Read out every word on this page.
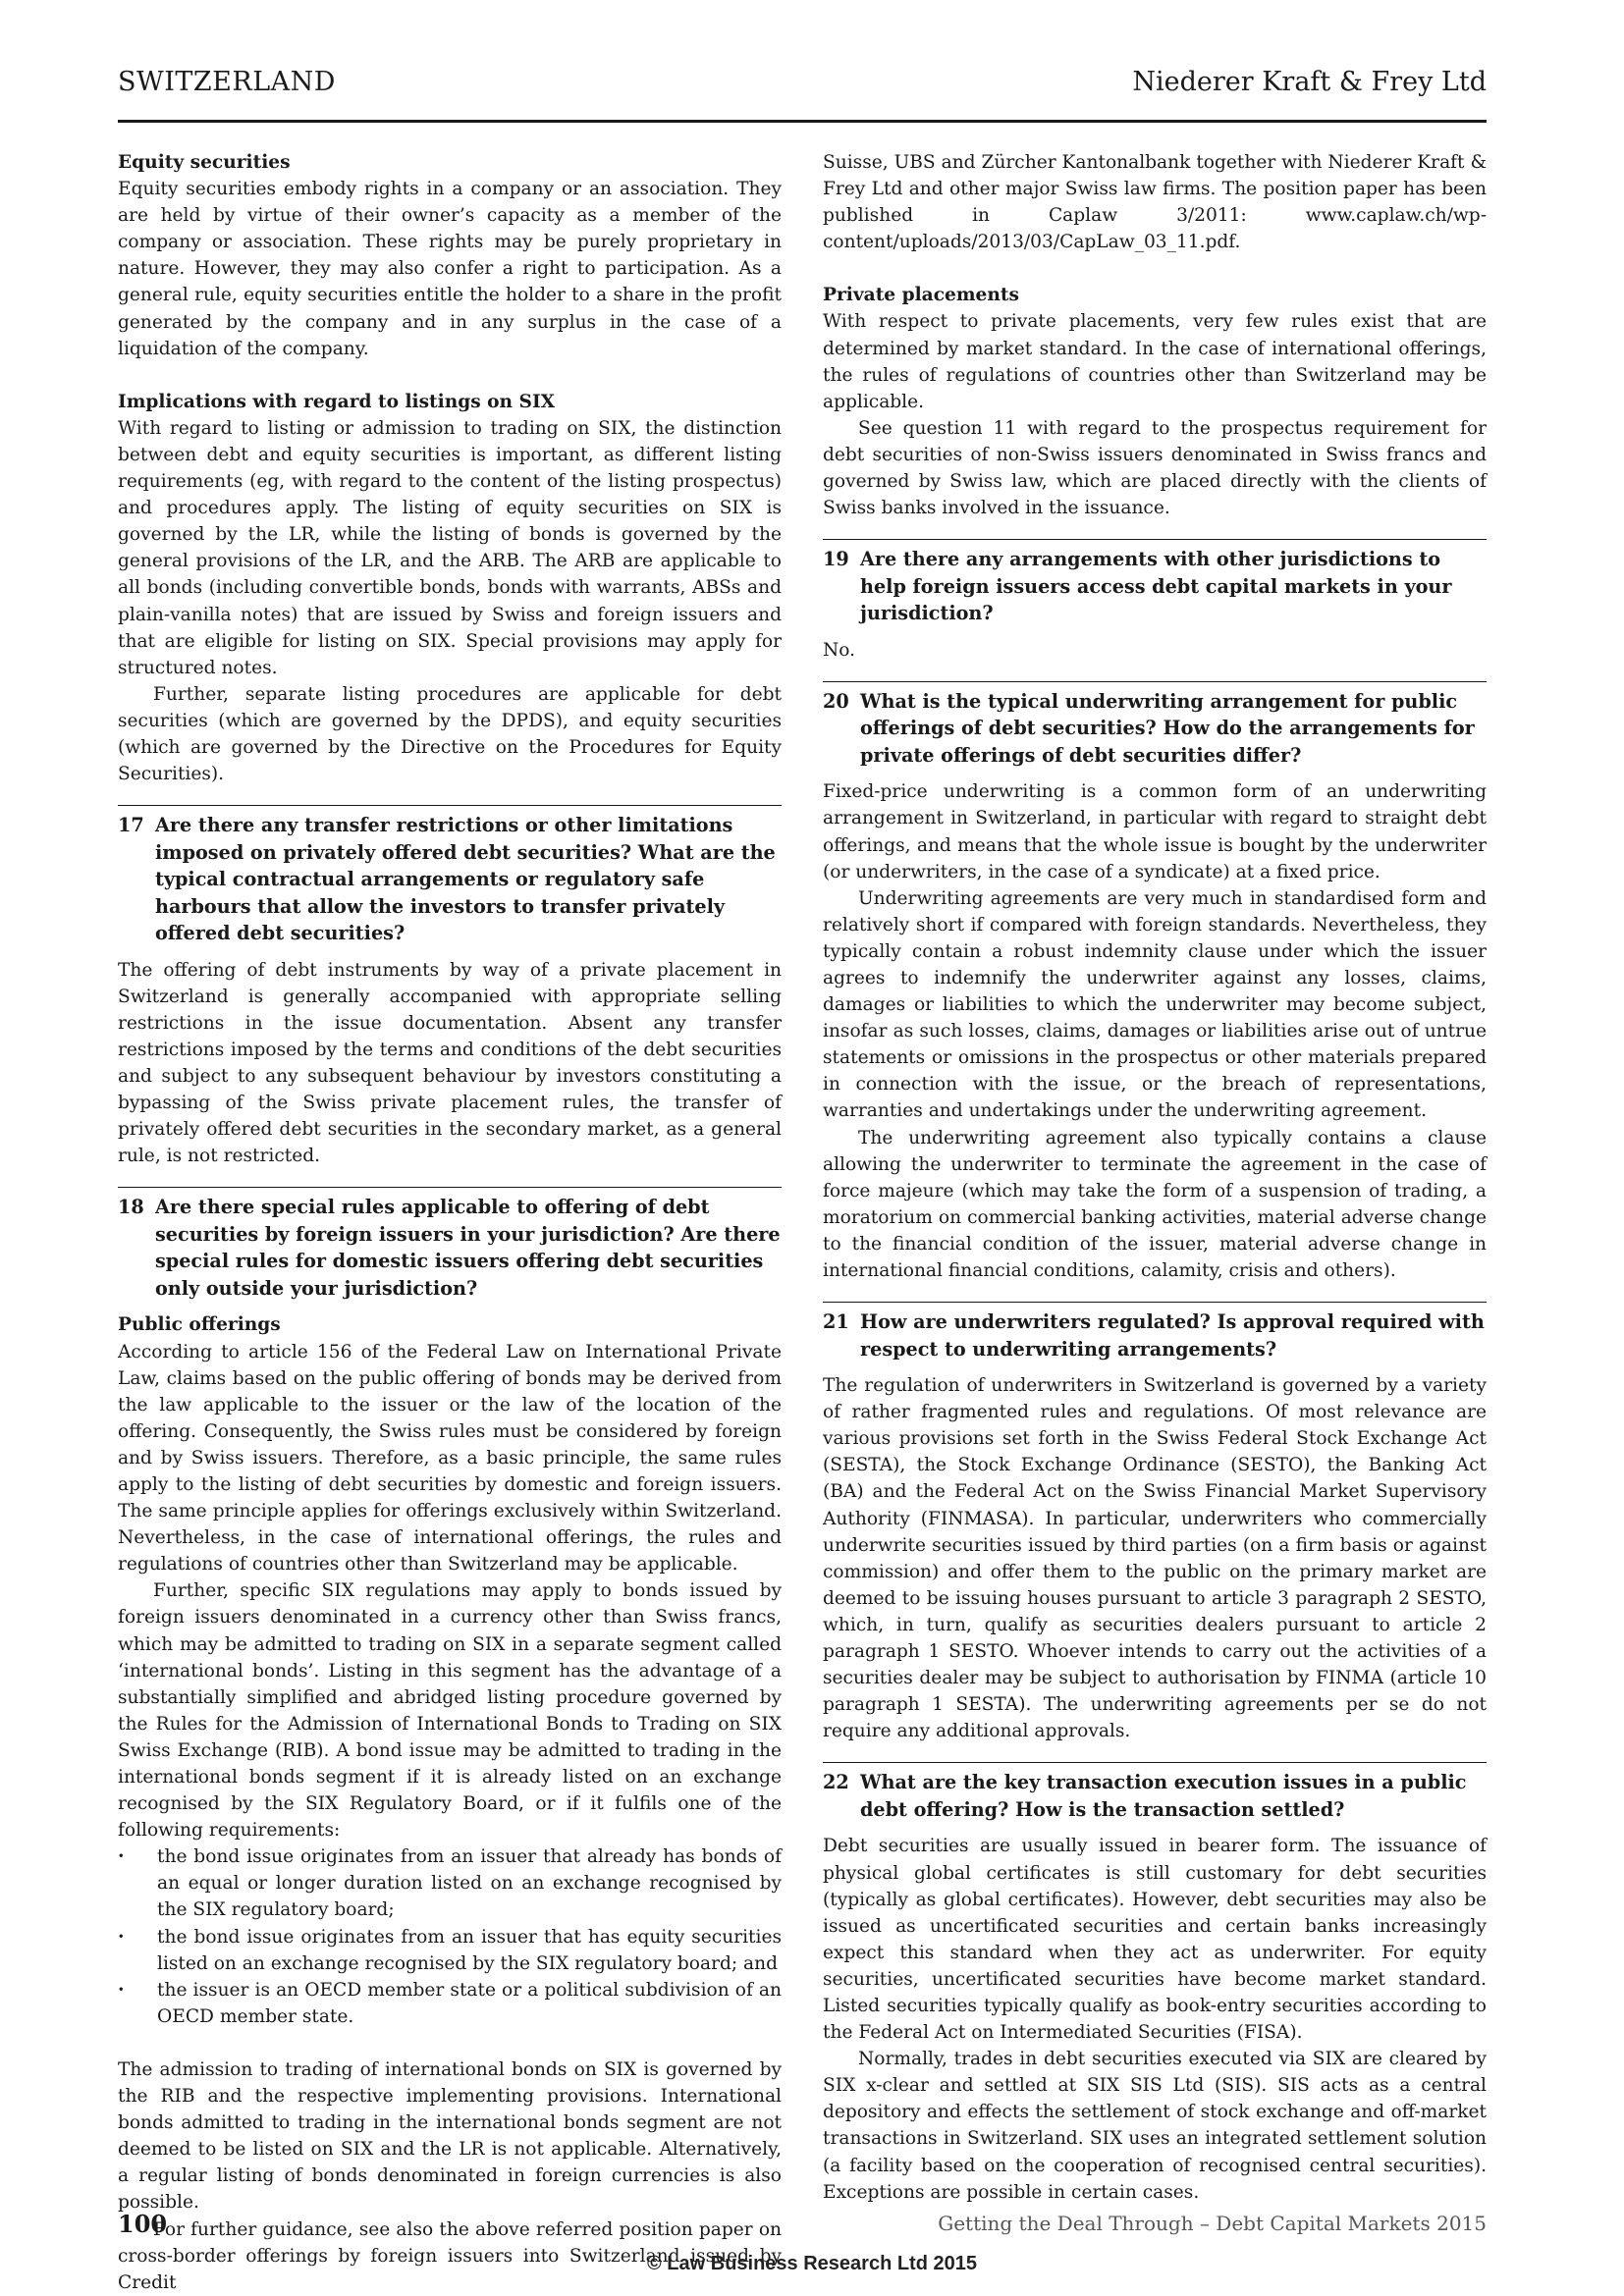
SWITZERLAND	Niederer Kraft & Frey Ltd
Equity securities

Equity securities embody rights in a company or an association. They are held by virtue of their owner’s capacity as a member of the company or association. These rights may be purely proprietary in nature. However, they may also confer a right to participation. As a general rule, equity securities entitle the holder to a share in the profit generated by the company and in any surplus in the case of a liquidation of the company.

Implications with regard to listings on SIX

With regard to listing or admission to trading on SIX, the distinction between debt and equity securities is important, as different listing requirements (eg, with regard to the content of the listing prospectus) and procedures apply. The listing of equity securities on SIX is governed by the LR, while the listing of bonds is governed by the general provisions of the LR, and the ARB. The ARB are applicable to all bonds (including convertible bonds, bonds with warrants, ABSs and plain-vanilla notes) that are issued by Swiss and foreign issuers and that are eligible for listing on SIX. Special provisions may apply for structured notes.

Further, separate listing procedures are applicable for debt securities (which are governed by the DPDS), and equity securities (which are governed by the Directive on the Procedures for Equity Securities).

17 Are there any transfer restrictions or other limitations imposed on privately offered debt securities? What are the typical contractual arrangements or regulatory safe harbours that allow the investors to transfer privately offered debt securities?

The offering of debt instruments by way of a private placement in Switzerland is generally accompanied with appropriate selling restrictions in the issue documentation. Absent any transfer restrictions imposed by the terms and conditions of the debt securities and subject to any subsequent behaviour by investors constituting a bypassing of the Swiss private placement rules, the transfer of privately offered debt securities in the secondary market, as a general rule, is not restricted.

18 Are there special rules applicable to offering of debt securities by foreign issuers in your jurisdiction? Are there special rules for domestic issuers offering debt securities only outside your jurisdiction?
Public offerings

According to article 156 of the Federal Law on International Private Law, claims based on the public offering of bonds may be derived from the law applicable to the issuer or the law of the location of the offering. Consequently, the Swiss rules must be considered by foreign and by Swiss issuers. Therefore, as a basic principle, the same rules apply to the listing of debt securities by domestic and foreign issuers. The same principle applies for offerings exclusively within Switzerland. Nevertheless, in the case of international offerings, the rules and regulations of countries other than Switzerland may be applicable.

Further, specific SIX regulations may apply to bonds issued by foreign issuers denominated in a currency other than Swiss francs, which may be admitted to trading on SIX in a separate segment called ‘international bonds’. Listing in this segment has the advantage of a substantially simplified and abridged listing procedure governed by the Rules for the Admission of International Bonds to Trading on SIX Swiss Exchange (RIB). A bond issue may be admitted to trading in the international bonds segment if it is already listed on an exchange recognised by the SIX Regulatory Board, or if it fulfils one of the following requirements:

· the bond issue originates from an issuer that already has bonds of an equal or longer duration listed on an exchange recognised by the SIX regulatory board;
· the bond issue originates from an issuer that has equity securities listed on an exchange recognised by the SIX regulatory board; and
· the issuer is an OECD member state or a political subdivision of an OECD member state.

The admission to trading of international bonds on SIX is governed by the RIB and the respective implementing provisions. International bonds admitted to trading in the international bonds segment are not deemed to be listed on SIX and the LR is not applicable. Alternatively, a regular listing of bonds denominated in foreign currencies is also possible.

For further guidance, see also the above referred position paper on cross-border offerings by foreign issuers into Switzerland issued by Credit

Suisse, UBS and Zürcher Kantonalbank together with Niederer Kraft & Frey Ltd and other major Swiss law firms. The position paper has been published in Caplaw 3/2011: www.caplaw.ch/wp-content/uploads/2013/03/CapLaw_03_11.pdf.

Private placements

With respect to private placements, very few rules exist that are determined by market standard. In the case of international offerings, the rules of regulations of countries other than Switzerland may be applicable.

See question 11 with regard to the prospectus requirement for debt securities of non-Swiss issuers denominated in Swiss francs and governed by Swiss law, which are placed directly with the clients of Swiss banks involved in the issuance.

19 Are there any arrangements with other jurisdictions to help foreign issuers access debt capital markets in your jurisdiction?

No.

20 What is the typical underwriting arrangement for public offerings of debt securities? How do the arrangements for private offerings of debt securities differ?

Fixed-price underwriting is a common form of an underwriting arrangement in Switzerland, in particular with regard to straight debt offerings, and means that the whole issue is bought by the underwriter (or underwriters, in the case of a syndicate) at a fixed price.

Underwriting agreements are very much in standardised form and relatively short if compared with foreign standards. Nevertheless, they typically contain a robust indemnity clause under which the issuer agrees to indemnify the underwriter against any losses, claims, damages or liabilities to which the underwriter may become subject, insofar as such losses, claims, damages or liabilities arise out of untrue statements or omissions in the prospectus or other materials prepared in connection with the issue, or the breach of representations, warranties and undertakings under the underwriting agreement.

The underwriting agreement also typically contains a clause allowing the underwriter to terminate the agreement in the case of force majeure (which may take the form of a suspension of trading, a moratorium on commercial banking activities, material adverse change to the financial condition of the issuer, material adverse change in international financial conditions, calamity, crisis and others).

21 How are underwriters regulated? Is approval required with respect to underwriting arrangements?

The regulation of underwriters in Switzerland is governed by a variety of rather fragmented rules and regulations. Of most relevance are various provisions set forth in the Swiss Federal Stock Exchange Act (SESTA), the Stock Exchange Ordinance (SESTO), the Banking Act (BA) and the Federal Act on the Swiss Financial Market Supervisory Authority (FINMASA). In particular, underwriters who commercially underwrite securities issued by third parties (on a firm basis or against commission) and offer them to the public on the primary market are deemed to be issuing houses pursuant to article 3 paragraph 2 SESTO, which, in turn, qualify as securities dealers pursuant to article 2 paragraph 1 SESTO. Whoever intends to carry out the activities of a securities dealer may be subject to authorisation by FINMA (article 10 paragraph 1 SESTA). The underwriting agreements per se do not require any additional approvals.

22 What are the key transaction execution issues in a public debt offering? How is the transaction settled?

Debt securities are usually issued in bearer form. The issuance of physical global certificates is still customary for debt securities (typically as global certificates). However, debt securities may also be issued as uncertificated securities and certain banks increasingly expect this standard when they act as underwriter. For equity securities, uncertificated securities have become market standard. Listed securities typically qualify as book-entry securities according to the Federal Act on Intermediated Securities (FISA).

Normally, trades in debt securities executed via SIX are cleared by SIX x-clear and settled at SIX SIS Ltd (SIS). SIS acts as a central depository and effects the settlement of stock exchange and off-market transactions in Switzerland. SIX uses an integrated settlement solution (a facility based on the cooperation of recognised central securities). Exceptions are possible in certain cases.

100	Getting the Deal Through – Debt Capital Markets 2015
© Law Business Research Ltd 2015
